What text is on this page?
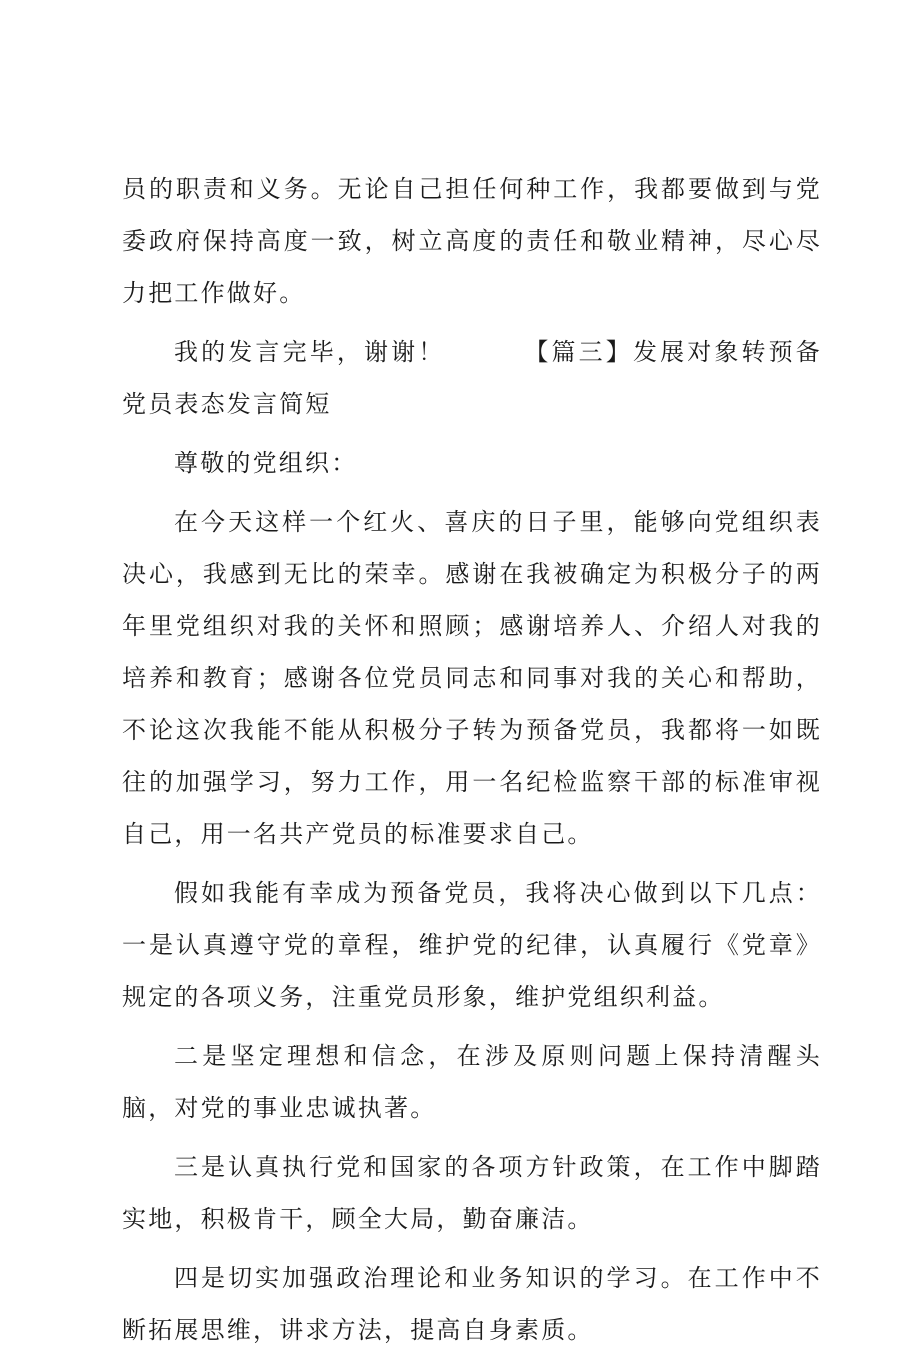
员的职责和义务。无论自己担任何种工作，我都要做到与党委政府保持高度一致，树立高度的责任和敬业精神，尽心尽力把工作做好。

我的发言完毕，谢谢！	【篇三】发展对象转预备党员表态发言简短

尊敬的党组织：

在今天这样一个红火、喜庆的日子里，能够向党组织表决心，我感到无比的荣幸。感谢在我被确定为积极分子的两年里党组织对我的关怀和照顾；感谢培养人、介绍人对我的培养和教育；感谢各位党员同志和同事对我的关心和帮助，不论这次我能不能从积极分子转为预备党员，我都将一如既往的加强学习，努力工作，用一名纪检监察干部的标准审视自己，用一名共产党员的标准要求自己。

假如我能有幸成为预备党员，我将决心做到以下几点：一是认真遵守党的章程，维护党的纪律，认真履行《党章》规定的各项义务，注重党员形象，维护党组织利益。

二是坚定理想和信念，在涉及原则问题上保持清醒头脑，对党的事业忠诚执著。

三是认真执行党和国家的各项方针政策，在工作中脚踏实地，积极肯干，顾全大局，勤奋廉洁。

四是切实加强政治理论和业务知识的学习。在工作中不断拓展思维，讲求方法，提高自身素质。
